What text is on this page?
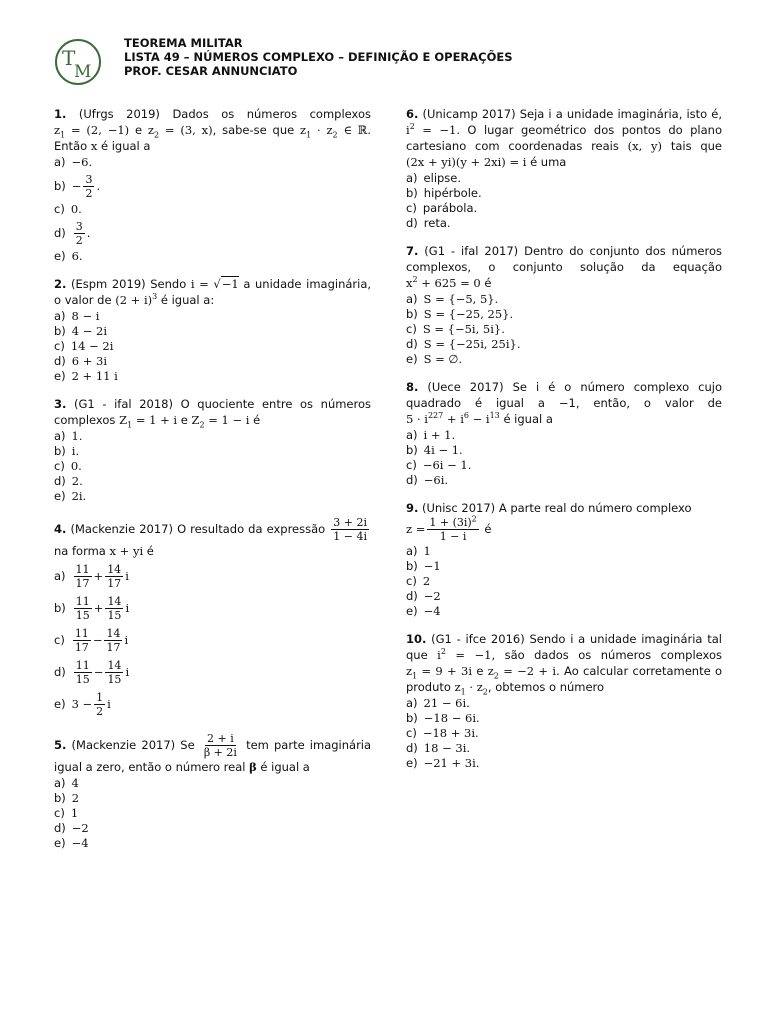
T
M
TEOREMA MILITAR
LISTA 49 – NÚMEROS COMPLEXO – DEFINIÇÃO E OPERAÇÕES
PROF. CESAR ANNUNCIATO
1. (Ufrgs 2019) Dados os números complexos $z_1 = (2$, −1) e $z_2 = (3$, x), sabe-se que $z_1 \cdot z_2$ ∈ ℝ. Então x é igual a
a) −6.
$b) - \frac{3}{2}$ .
c) 0.
$d) \frac{3}{2}$ .
e) 6.
2. (Espm 2019) Sendo i = √−1 a unidade imaginária, o valor de $(2 + i)^3$ é igual a:
a) 8 − i
b) 4 − 2i
c) 14 − 2i
d) 6 + 3i
e) 2 + 11 i
3. (G1 - ifal 2018) O quociente entre os números complexos $Z_1 = 1 + i$ e $Z_2 = 1 - i$ é
a) 1.
b) i.
c) 0.
d) 2.
e) 2i.
4. (Mackenzie 2017) O resultado da expressão $\frac{3 + 2i}{1 - 4i}$
na forma x + yi é
$a) \frac{11}{17} + \frac{14}{17}$ i
$b) \frac{11}{15} + \frac{14}{15}$ i
$c) \frac{11}{17} - \frac{14}{17}$ i
$d) \frac{11}{15} - \frac{14}{15}$ i
e) $3 - \frac{1}{2}$ i
5. (Mackenzie 2017) Se $\frac{2 + i}{\beta + 2i}$ tem parte imaginária igual a zero, então o número real β é igual a
a) 4
b) 2
c) 1
d) −2
e) −4
6. (Unicamp 2017) Seja i a unidade imaginária, isto é, $i^2 = -1$. O lugar geométrico dos pontos do plano cartesiano com coordenadas reais (x, y) tais que (2x + yi)(y + 2xi) = i é uma
a) elipse.
b) hipérbole.
c) parábola.
d) reta.
7. (G1 - ifal 2017) Dentro do conjunto dos números complexos, o conjunto solução da equação $x^2 + 625 = 0$ é
a) S = {−5, 5}.
b) S = {−25, 25}.
c) S = {−5i, 5i}.
d) S = {−25i, 25i}.
e) S = ∅.
8. (Uece 2017) Se i é o número complexo cujo quadrado é igual a −1, então, o valor de $5 \cdot i^{227} + i^6 - i^{13}$ é igual a
a) i + 1.
b) 4i − 1.
c) −6i − 1.
d) −6i.
9. (Unisc 2017) A parte real do número complexo
$z = \frac{1 + (3i)^2}{1 - i}$ é
a) 1
b) −1
c) 2
d) −2
e) −4
10. (G1 - ifce 2016) Sendo i a unidade imaginária tal que $i^2 = -1$, são dados os números complexos $z_1 = 9 + 3i$ e $z_2 = -2 + i$. Ao calcular corretamente o produto $z_1 \cdot z_2$, obtemos o número
a) 21 − 6i.
b) −18 − 6i.
c) −18 + 3i.
d) 18 − 3i.
e) −21 + 3i.
